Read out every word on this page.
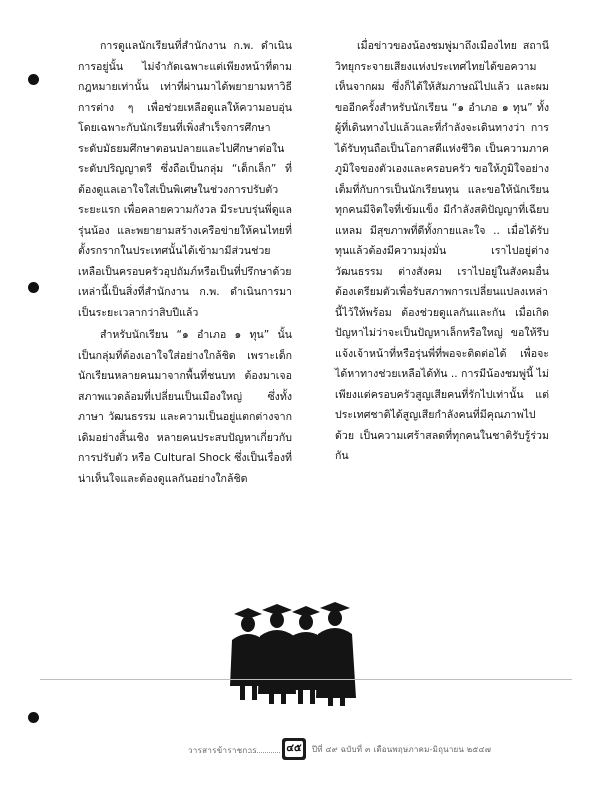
การดูแลนักเรียนที่สำนักงาน ก.พ. ดำเนินการอยู่นั้น ไม่จำกัดเฉพาะแต่เพียงหน้าที่ตามกฎหมายเท่านั้น เท่าที่ผ่านมาได้พยายามหาวิธีการต่าง ๆ เพื่อช่วยเหลือดูแลให้ความอบอุ่น โดยเฉพาะกับนักเรียนที่เพิ่งสำเร็จการศึกษาระดับมัธยมศึกษาตอนปลายและไปศึกษาต่อในระดับปริญญาตรี ซึ่งถือเป็นกลุ่ม “เด็กเล็ก” ที่ต้องดูแลเอาใจใส่เป็นพิเศษในช่วงการปรับตัวระยะแรก เพื่อคลายความกังวล มีระบบรุ่นพี่ดูแลรุ่นน้อง และพยายามสร้างเครือข่ายให้คนไทยที่ตั้งรกรากในประเทศนั้นได้เข้ามามีส่วนช่วยเหลือเป็นครอบครัวอุปถัมภ์หรือเป็นที่ปรึกษาด้วย เหล่านี้เป็นสิ่งที่สำนักงาน ก.พ. ดำเนินการมาเป็นระยะเวลากว่าสิบปีแล้ว

สำหรับนักเรียน “๑ อำเภอ ๑ ทุน” นั้น เป็นกลุ่มที่ต้องเอาใจใส่อย่างใกล้ชิด เพราะเด็กนักเรียนหลายคนมาจากพื้นที่ชนบท ต้องมาเจอสภาพแวดล้อมที่เปลี่ยนเป็นเมืองใหญ่ ซึ่งทั้งภาษา วัฒนธรรม และความเป็นอยู่แตกต่างจากเดิมอย่างสิ้นเชิง หลายคนประสบปัญหาเกี่ยวกับการปรับตัว หรือ Cultural Shock ซึ่งเป็นเรื่องที่น่าเห็นใจและต้องดูแลกันอย่างใกล้ชิด

เมื่อข่าวของน้องชมพู่มาถึงเมืองไทย สถานีวิทยุกระจายเสียงแห่งประเทศไทยได้ขอความเห็นจากผม ซึ่งก็ได้ให้สัมภาษณ์ไปแล้ว และผมขออีกครั้งสำหรับนักเรียน “๑ อำเภอ ๑ ทุน” ทั้งผู้ที่เดินทางไปแล้วและที่กำลังจะเดินทางว่า การได้รับทุนถือเป็นโอกาสดีแห่งชีวิต เป็นความภาคภูมิใจของตัวเองและครอบครัว ขอให้ภูมิใจอย่างเต็มที่กับการเป็นนักเรียนทุน และขอให้นักเรียนทุกคนมีจิตใจที่เข้มแข็ง มีกำลังสติปัญญาที่เฉียบแหลม มีสุขภาพที่ดีทั้งกายและใจ .. เมื่อได้รับทุนแล้วต้องมีความมุ่งมั่น เราไปอยู่ต่างวัฒนธรรม ต่างสังคม เราไปอยู่ในสังคมอื่น ต้องเตรียมตัวเพื่อรับสภาพการเปลี่ยนแปลงเหล่านี้ไว้ให้พร้อม ต้องช่วยดูแลกันและกัน เมื่อเกิดปัญหาไม่ว่าจะเป็นปัญหาเล็กหรือใหญ่ ขอให้รีบแจ้งเจ้าหน้าที่หรือรุ่นพี่ที่พอจะติดต่อได้ เพื่อจะได้หาทางช่วยเหลือได้ทัน .. การมีน้องชมพู่นี้ ไม่เพียงแต่ครอบครัวสูญเสียคนที่รักไปเท่านั้น แต่ประเทศชาติได้สูญเสียกำลังคนที่มีคุณภาพไปด้วย เป็นความเศร้าสลดที่ทุกคนในชาติรับรู้ร่วมกัน

วารสารข้าราชการ	๔๕ ปีที่ ๔๙ ฉบับที่ ๓ เดือนพฤษภาคม-มิถุนายน ๒๕๔๗
